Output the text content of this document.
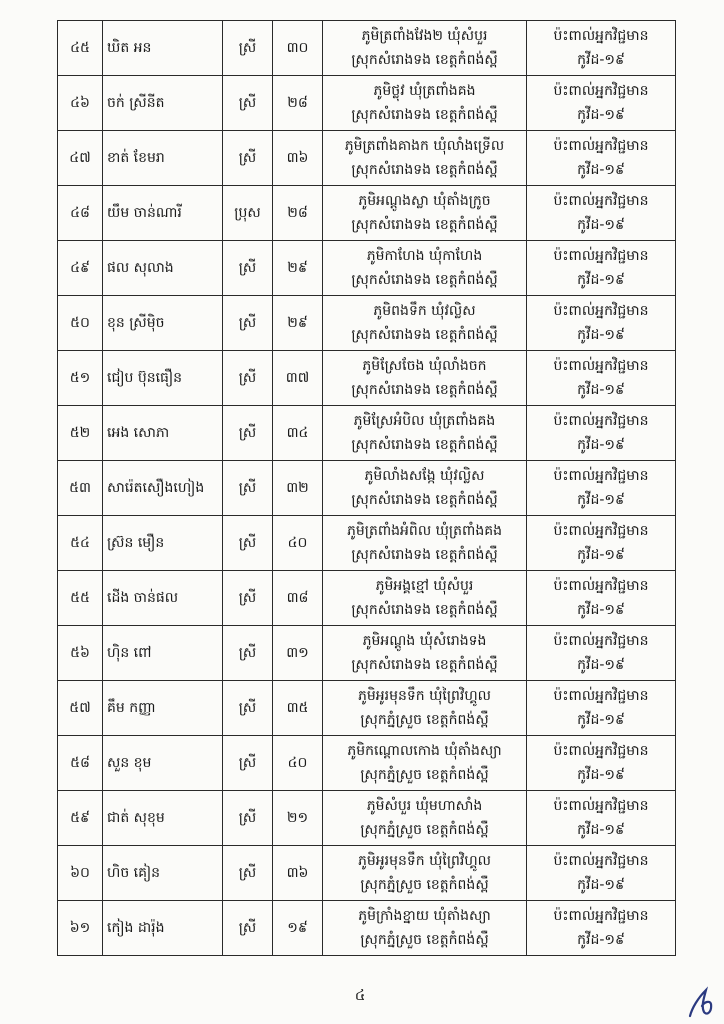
៤៥	ឃិត អន	ស្រី	៣០	ភូមិត្រពាំងវែង២ ឃុំសំបួរ
ស្រុកសំរោងទង ខេត្តកំពង់ស្ពឺ	ប៉ះពាល់អ្នកវិជ្ជមាន
កូវីដ-១៩

៤៦	ចក់ ស្រីនីត	ស្រី	២៨	ភូមិថ្លុវ ឃុំត្រពាំងគង
ស្រុកសំរោងទង ខេត្តកំពង់ស្ពឺ	ប៉ះពាល់អ្នកវិជ្ជមាន
កូវីដ-១៩

៤៧	ខាត់ ខែមរា	ស្រី	៣៦	ភូមិត្រពាំងគាងក ឃុំលាំងទ្រើល
ស្រុកសំរោងទង ខេត្តកំពង់ស្ពឺ	ប៉ះពាល់អ្នកវិជ្ជមាន
កូវីដ-១៩

៤៨	យឹម ចាន់ណារី	ប្រុស	២៨	ភូមិអណ្ដូងស្លា ឃុំតាំងក្រូច
ស្រុកសំរោងទង ខេត្តកំពង់ស្ពឺ	ប៉ះពាល់អ្នកវិជ្ជមាន
កូវីដ-១៩

៤៩	ផល សុលាង	ស្រី	២៩	ភូមិកាហែង ឃុំកាហែង
ស្រុកសំរោងទង ខេត្តកំពង់ស្ពឺ	ប៉ះពាល់អ្នកវិជ្ជមាន
កូវីដ-១៩

៥០	ខុន ស្រីម៉ិច	ស្រី	២៩	ភូមិពងទឹក ឃុំវល្លិស
ស្រុកសំរោងទង ខេត្តកំពង់ស្ពឺ	ប៉ះពាល់អ្នកវិជ្ជមាន
កូវីដ-១៩

៥១	ជៀប ប៊ុនធឿន	ស្រី	៣៧	ភូមិស្រែចែង ឃុំលាំងចក
ស្រុកសំរោងទង ខេត្តកំពង់ស្ពឺ	ប៉ះពាល់អ្នកវិជ្ជមាន
កូវីដ-១៩

៥២	អេង សោភា	ស្រី	៣៤	ភូមិស្រែអំបិល ឃុំត្រពាំងគង
ស្រុកសំរោងទង ខេត្តកំពង់ស្ពឺ	ប៉ះពាល់អ្នកវិជ្ជមាន
កូវីដ-១៩

៥៣	សារ៉េតសឿងហៀង	ស្រី	៣២	ភូមិលាំងសង្កែ ឃុំវល្លិស
ស្រុកសំរោងទង ខេត្តកំពង់ស្ពឺ	ប៉ះពាល់អ្នកវិជ្ជមាន
កូវីដ-១៩

៥៤	ស្រ៊ន មឿន	ស្រី	៤០	ភូមិត្រពាំងអំពិល ឃុំត្រពាំងគង
ស្រុកសំរោងទង ខេត្តកំពង់ស្ពឺ	ប៉ះពាល់អ្នកវិជ្ជមាន
កូវីដ-១៩

៥៥	ដើង ចាន់ផល	ស្រី	៣៨	ភូមិអង្គខ្មៅ ឃុំសំបួរ
ស្រុកសំរោងទង ខេត្តកំពង់ស្ពឺ	ប៉ះពាល់អ្នកវិជ្ជមាន
កូវីដ-១៩

៥៦	ហ៊ិន ពៅ	ស្រី	៣១	ភូមិអណ្ដូង ឃុំសំរោងទង
ស្រុកសំរោងទង ខេត្តកំពង់ស្ពឺ	ប៉ះពាល់អ្នកវិជ្ជមាន
កូវីដ-១៩

៥៧	គឹម កញ្ញា	ស្រី	៣៥	ភូមិអូរមុនទឹក ឃុំព្រៃវិហ្គូល
ស្រុកភ្នំស្រួច ខេត្តកំពង់ស្ពឺ	ប៉ះពាល់អ្នកវិជ្ជមាន
កូវីដ-១៩

៥៨	សួន ខុម	ស្រី	៤០	ភូមិកណ្ដោលកោង ឃុំតាំងស្យា
ស្រុកភ្នំស្រួច ខេត្តកំពង់ស្ពឺ	ប៉ះពាល់អ្នកវិជ្ជមាន
កូវីដ-១៩

៥៩	ជាត់ សុខុម	ស្រី	២១	ភូមិសំបួរ ឃុំមហាសាំង
ស្រុកភ្នំស្រួច ខេត្តកំពង់ស្ពឺ	ប៉ះពាល់អ្នកវិជ្ជមាន
កូវីដ-១៩

៦០	ហិច គៀន	ស្រី	៣៦	ភូមិអូរមុនទឹក ឃុំព្រៃវិហ្គូល
ស្រុកភ្នំស្រួច ខេត្តកំពង់ស្ពឺ	ប៉ះពាល់អ្នកវិជ្ជមាន
កូវីដ-១៩

៦១	កៀង ដារ៉ុង	ស្រី	១៩	ភូមិក្រាំងខ្នាយ ឃុំតាំងស្យា
ស្រុកភ្នំស្រួច ខេត្តកំពង់ស្ពឺ	ប៉ះពាល់អ្នកវិជ្ជមាន
កូវីដ-១៩
៤
